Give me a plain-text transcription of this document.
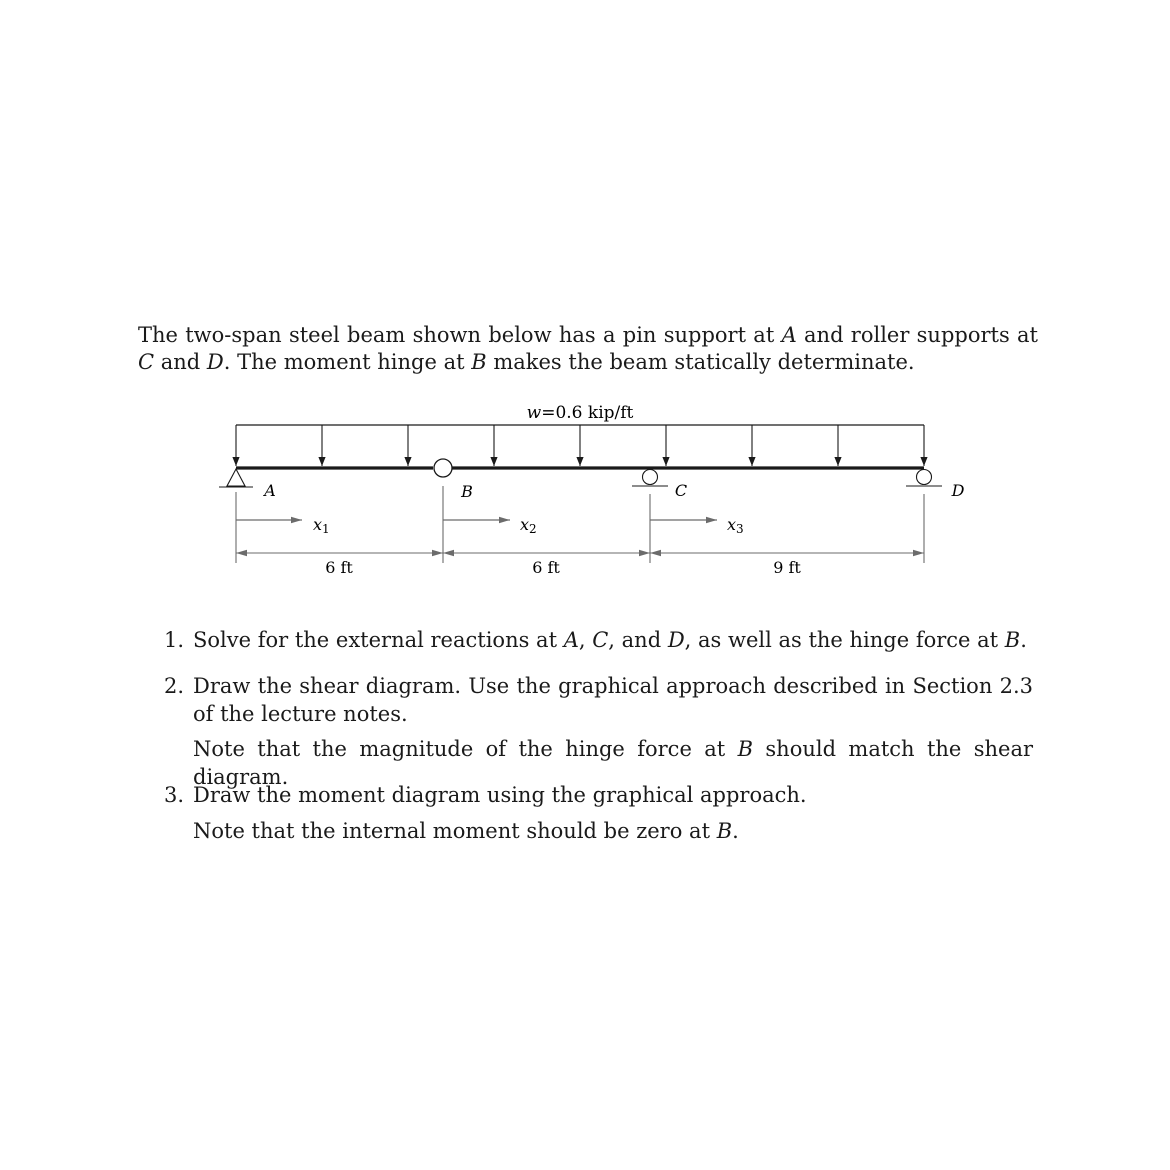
The two-span steel beam shown below has a pin support at A and roller supports at C and D. The moment hinge at B makes the beam statically determinate.

w=0.6 kip/ft
A	B	C	D
x1	x2	x3
6 ft	6 ft	9 ft
1. Solve for the external reactions at A, C, and D, as well as the hinge force at B.
2. Draw the shear diagram. Use the graphical approach described in Section 2.3 of the lecture notes.
Note that the magnitude of the hinge force at B should match the shear diagram.
3. Draw the moment diagram using the graphical approach.
Note that the internal moment should be zero at B.
